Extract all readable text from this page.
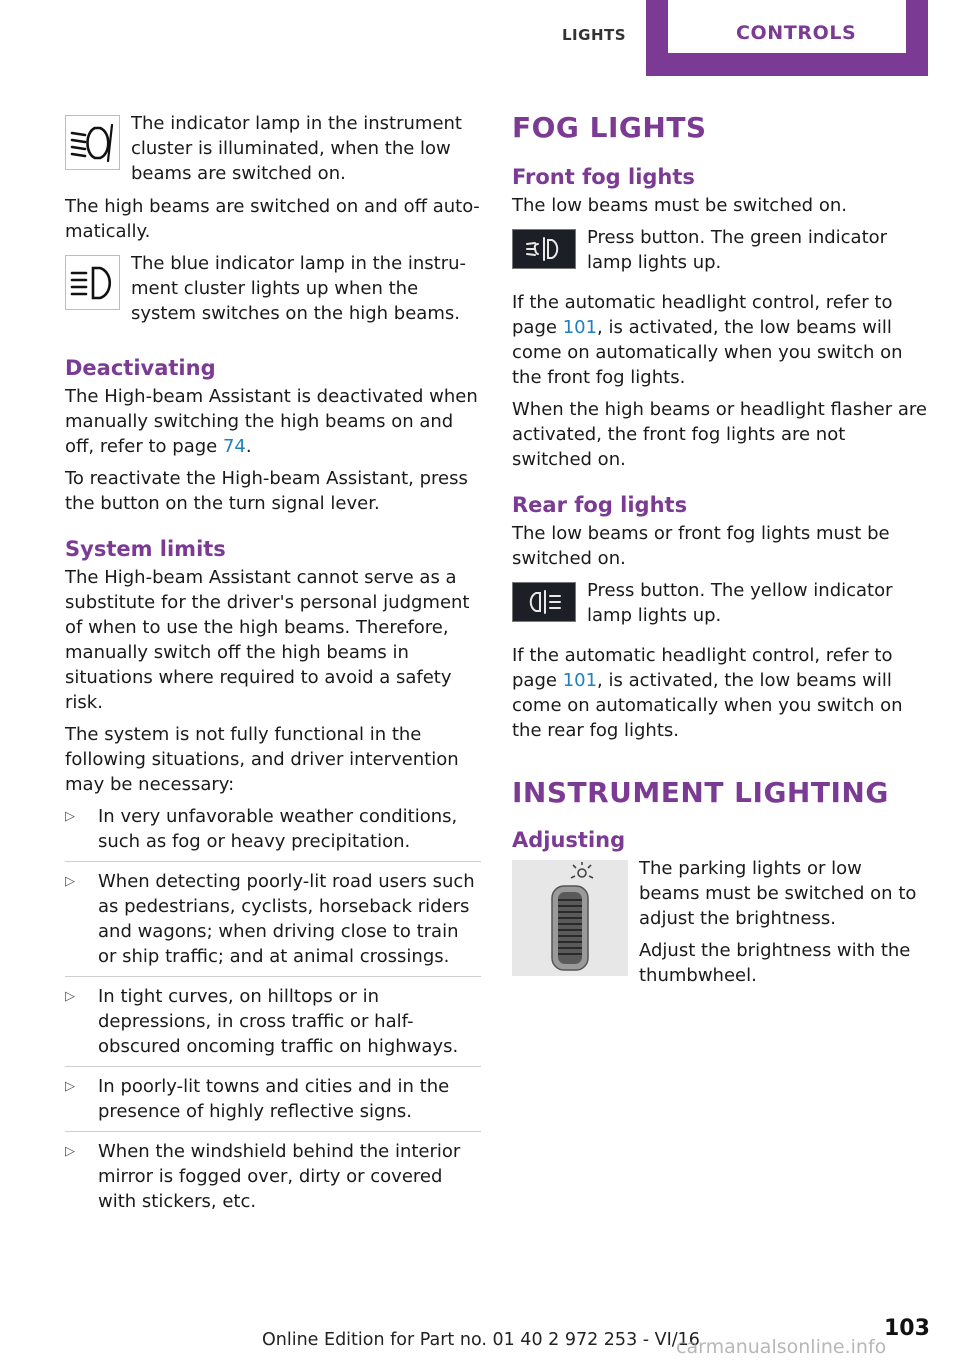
LIGHTS	CONTROLS

The indicator lamp in the instrument cluster is illuminated, when the low beams are switched on.

The high beams are switched on and off automatically.

The blue indicator lamp in the instrument cluster lights up when the system switches on the high beams.

Deactivating

The High-beam Assistant is deactivated when manually switching the high beams on and off, refer to page 74.

To reactivate the High-beam Assistant, press the button on the turn signal lever.

System limits

The High-beam Assistant cannot serve as a substitute for the driver's personal judgment of when to use the high beams. Therefore, manually switch off the high beams in situations where required to avoid a safety risk.

The system is not fully functional in the following situations, and driver intervention may be necessary:

▷ In very unfavorable weather conditions, such as fog or heavy precipitation.
▷ When detecting poorly-lit road users such as pedestrians, cyclists, horseback riders and wagons; when driving close to train or ship traffic; and at animal crossings.
▷ In tight curves, on hilltops or in depressions, in cross traffic or half-obscured oncoming traffic on highways.
▷ In poorly-lit towns and cities and in the presence of highly reflective signs.
▷ When the windshield behind the interior mirror is fogged over, dirty or covered with stickers, etc.
FOG LIGHTS
Front fog lights

The low beams must be switched on.

Press button. The green indicator lamp lights up.

If the automatic headlight control, refer to page 101, is activated, the low beams will come on automatically when you switch on the front fog lights.

When the high beams or headlight flasher are activated, the front fog lights are not switched on.

Rear fog lights

The low beams or front fog lights must be switched on.

Press button. The yellow indicator lamp lights up.

If the automatic headlight control, refer to page 101, is activated, the low beams will come on automatically when you switch on the rear fog lights.

INSTRUMENT LIGHTING
Adjusting

The parking lights or low beams must be switched on to adjust the brightness.

Adjust the brightness with the thumbwheel.

103
Online Edition for Part no. 01 40 2 972 253 - VI/16
carmanualsonline.info
